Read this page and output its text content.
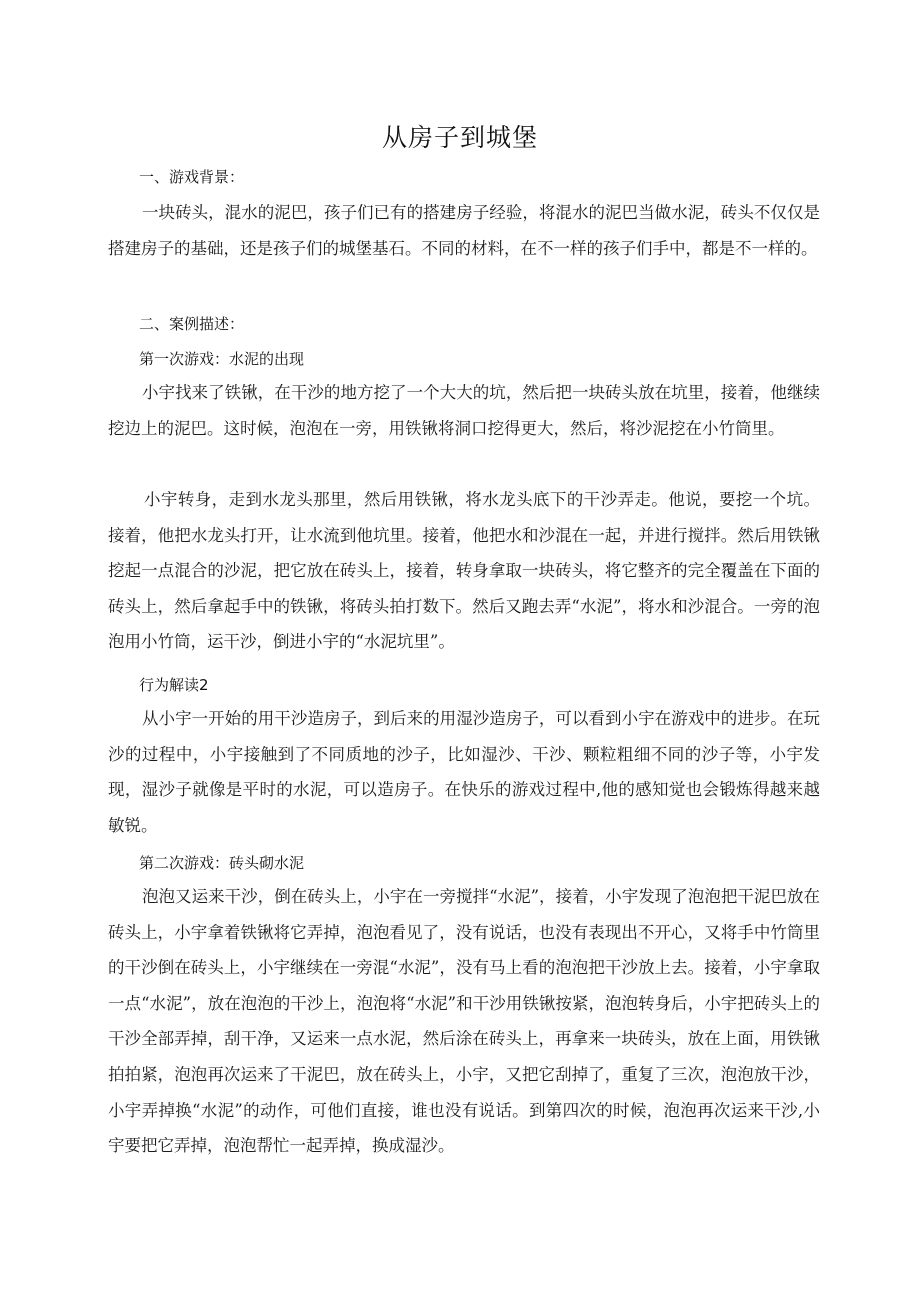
从房子到城堡
一、游戏背景：
一块砖头，混水的泥巴，孩子们已有的搭建房子经验，将混水的泥巴当做水泥，砖头不仅仅是搭建房子的基础，还是孩子们的城堡基石。不同的材料，在不一样的孩子们手中，都是不一样的。
二、案例描述：
第一次游戏：水泥的出现
小宇找来了铁锹，在干沙的地方挖了一个大大的坑，然后把一块砖头放在坑里，接着，他继续挖边上的泥巴。这时候，泡泡在一旁，用铁锹将洞口挖得更大，然后，将沙泥挖在小竹筒里。
小宇转身，走到水龙头那里，然后用铁锹，将水龙头底下的干沙弄走。他说，要挖一个坑。接着，他把水龙头打开，让水流到他坑里。接着，他把水和沙混在一起，并进行搅拌。然后用铁锹挖起一点混合的沙泥，把它放在砖头上，接着，转身拿取一块砖头，将它整齐的完全覆盖在下面的砖头上，然后拿起手中的铁锹，将砖头拍打数下。然后又跑去弄“水泥”，将水和沙混合。一旁的泡泡用小竹筒，运干沙，倒进小宇的“水泥坑里”。
行为解读2
从小宇一开始的用干沙造房子，到后来的用湿沙造房子，可以看到小宇在游戏中的进步。在玩沙的过程中，小宇接触到了不同质地的沙子，比如湿沙、干沙、颗粒粗细不同的沙子等，小宇发现，湿沙子就像是平时的水泥，可以造房子。在快乐的游戏过程中,他的感知觉也会锻炼得越来越敏锐。
第二次游戏：砖头砌水泥
泡泡又运来干沙，倒在砖头上，小宇在一旁搅拌“水泥”，接着，小宇发现了泡泡把干泥巴放在砖头上，小宇拿着铁锹将它弄掉，泡泡看见了，没有说话，也没有表现出不开心，又将手中竹筒里的干沙倒在砖头上，小宇继续在一旁混“水泥”，没有马上看的泡泡把干沙放上去。接着，小宇拿取一点“水泥”，放在泡泡的干沙上，泡泡将“水泥”和干沙用铁锹按紧，泡泡转身后，小宇把砖头上的干沙全部弄掉，刮干净，又运来一点水泥，然后涂在砖头上，再拿来一块砖头，放在上面，用铁锹拍拍紧，泡泡再次运来了干泥巴，放在砖头上，小宇，又把它刮掉了，重复了三次，泡泡放干沙，小宇弄掉换“水泥”的动作，可他们直接，谁也没有说话。到第四次的时候，泡泡再次运来干沙,小宇要把它弄掉，泡泡帮忙一起弄掉，换成湿沙。
